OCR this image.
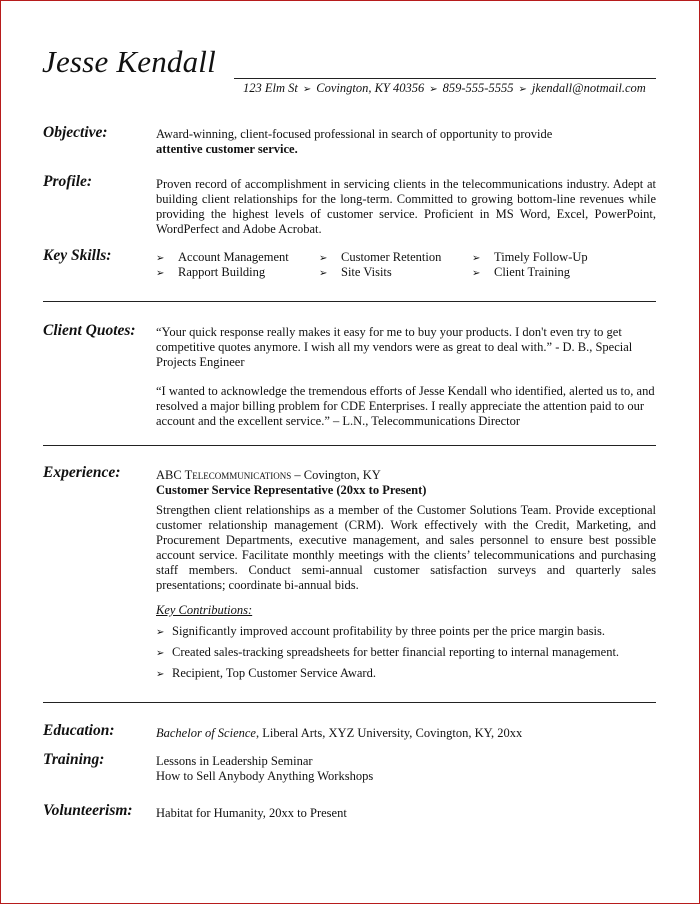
Jesse Kendall
123 Elm St ➢ Covington, KY 40356 ➢ 859-555-5555 ➢ jkendall@notmail.com
Objective:	Award-winning, client-focused professional in search of opportunity to provide
attentive customer service.
Profile:	Proven record of accomplishment in servicing clients in the telecommunications industry. Adept at building client relationships for the long-term. Committed to growing bottom-line revenues while providing the highest levels of customer service. Proficient in MS Word, Excel, PowerPoint, WordPerfect and Adobe Acrobat.
Key Skills:	➢ Account Management	➢ Customer Retention	➢ Timely Follow-Up
➢ Rapport Building	➢ Site Visits	➢ Client Training
Client Quotes: “Your quick response really makes it easy for me to buy your products. I don't even try to get competitive quotes anymore. I wish all my vendors were as great to deal with.” - D. B., Special Projects Engineer
“I wanted to acknowledge the tremendous efforts of Jesse Kendall who identified, alerted us to, and resolved a major billing problem for CDE Enterprises. I really appreciate the attention paid to our account and the excellent service.” – L.N., Telecommunications Director
Experience:	ABC Telecommunications – Covington, KY
Customer Service Representative (20xx to Present)
Strengthen client relationships as a member of the Customer Solutions Team. Provide exceptional customer relationship management (CRM). Work effectively with the Credit, Marketing, and Procurement Departments, executive management, and sales personnel to ensure best possible account service. Facilitate monthly meetings with the clients’ telecommunications and purchasing staff members. Conduct semi-annual customer satisfaction surveys and quarterly sales presentations; coordinate bi-annual bids.
Key Contributions:
➢ Significantly improved account profitability by three points per the price margin basis.
➢ Created sales-tracking spreadsheets for better financial reporting to internal management.
➢ Recipient, Top Customer Service Award.
Education:	Bachelor of Science, Liberal Arts, XYZ University, Covington, KY, 20xx
Training:	Lessons in Leadership Seminar
How to Sell Anybody Anything Workshops
Volunteerism: Habitat for Humanity, 20xx to Present
